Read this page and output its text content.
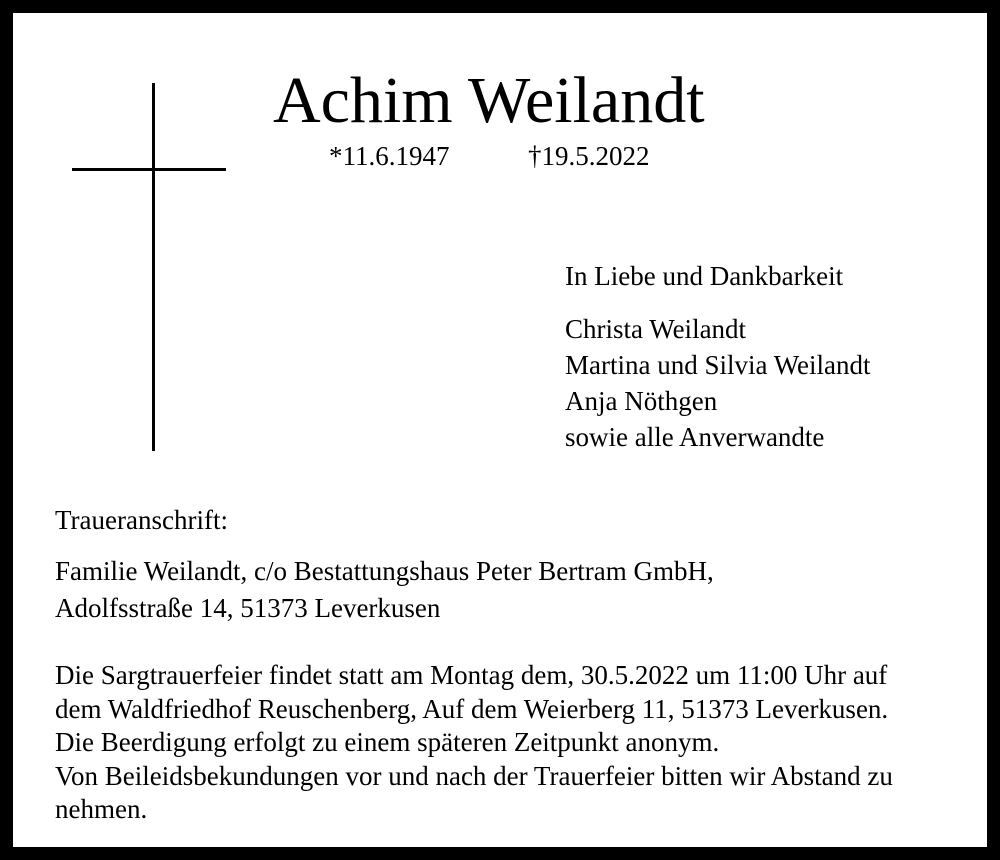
Achim Weilandt
*11.6.1947	†19.5.2022
In Liebe und Dankbarkeit
Christa Weilandt
Martina und Silvia Weilandt
Anja Nöthgen
sowie alle Anverwandte
Traueranschrift:
Familie Weilandt, c/o Bestattungshaus Peter Bertram GmbH,
Adolfsstraße 14, 51373 Leverkusen
Die Sargtrauerfeier findet statt am Montag dem, 30.5.2022 um 11:00 Uhr auf
dem Waldfriedhof Reuschenberg, Auf dem Weierberg 11, 51373 Leverkusen.
Die Beerdigung erfolgt zu einem späteren Zeitpunkt anonym.
Von Beileidsbekundungen vor und nach der Trauerfeier bitten wir Abstand zu
nehmen.
